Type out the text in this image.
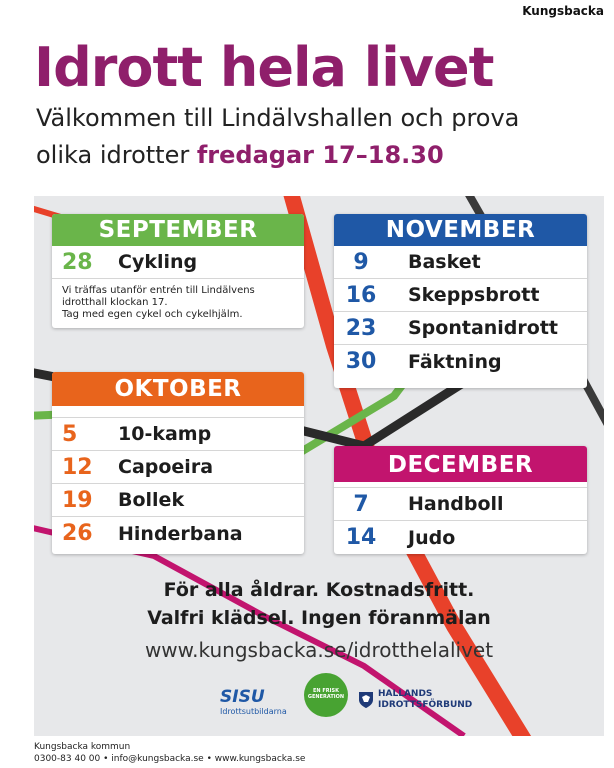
Kungsbacka
Idrott hela livet
Välkommen till Lindälvshallen och prova
olika idrotter fredagar 17–18.30
SEPTEMBER
28	Cykling
Vi träffas utanför entrén till Lindälvens
idrotthall klockan 17.
Tag med egen cykel och cykelhjälm.
NOVEMBER
9	Basket
16	Skeppsbrott
23	Spontanidrott
30	Fäktning
OKTOBER
5	10-kamp
12	Capoeira
19	Bollek
26	Hinderbana
DECEMBER
7	Handboll
14	Judo
För alla åldrar. Kostnadsfritt.
Valfri klädsel. Ingen föranmälan
www.kungsbacka.se/idrotthelalivet
SISU
Idrottsutbildarna
EN FRISK
GENERATION	HALLANDS
IDROTTSFÖRBUND
Kungsbacka kommun
0300-83 40 00 • info@kungsbacka.se • www.kungsbacka.se
